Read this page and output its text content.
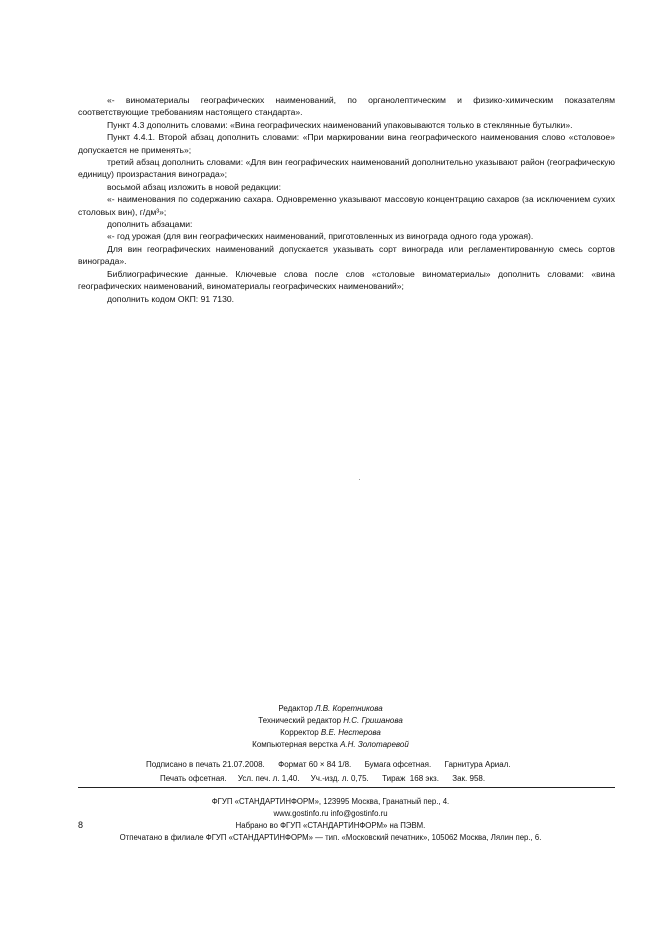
«- виноматериалы географических наименований, по органолептическим и физико-химическим показателям соответствующие требованиям настоящего стандарта».

Пункт 4.3 дополнить словами: «Вина географических наименований упаковываются только в стеклянные бутылки».

Пункт 4.4.1. Второй абзац дополнить словами: «При маркировании вина географического наименования слово «столовое» допускается не применять»;

третий абзац дополнить словами: «Для вин географических наименований дополнительно указывают район (географическую единицу) произрастания винограда»;

восьмой абзац изложить в новой редакции:

«- наименования по содержанию сахара. Одновременно указывают массовую концентрацию сахаров (за исключением сухих столовых вин), г/дм³»;

дополнить абзацами:

«- год урожая (для вин географических наименований, приготовленных из винограда одного года урожая).

Для вин географических наименований допускается указывать сорт винограда или регламентированную смесь сортов винограда».

Библиографические данные. Ключевые слова после слов «столовые виноматериалы» дополнить словами: «вина географических наименований, виноматериалы географических наименований»;

дополнить кодом ОКП: 91 7130.

Редактор Л.В. Коретникова
Технический редактор Н.С. Гришанова
Корректор В.Е. Нестерова
Компьютерная верстка А.Н. Золотаревой
Подписано в печать 21.07.2008.      Формат 60 × 84 1/8.      Бумага офсетная.      Гарнитура Ариал.
Печать офсетная.     Усл. печ. л. 1,40.     Уч.-изд. л. 0,75.      Тираж  168 экз.      Зак. 958.
ФГУП «СТАНДАРТИНФОРМ», 123995 Москва, Гранатный пер., 4.
www.gostinfo.ru info@gostinfo.ru
Набрано во ФГУП «СТАНДАРТИНФОРМ» на ПЭВМ.
Отпечатано в филиале ФГУП «СТАНДАРТИНФОРМ» — тип. «Московский печатник», 105062 Москва, Лялин пер., 6.
8
